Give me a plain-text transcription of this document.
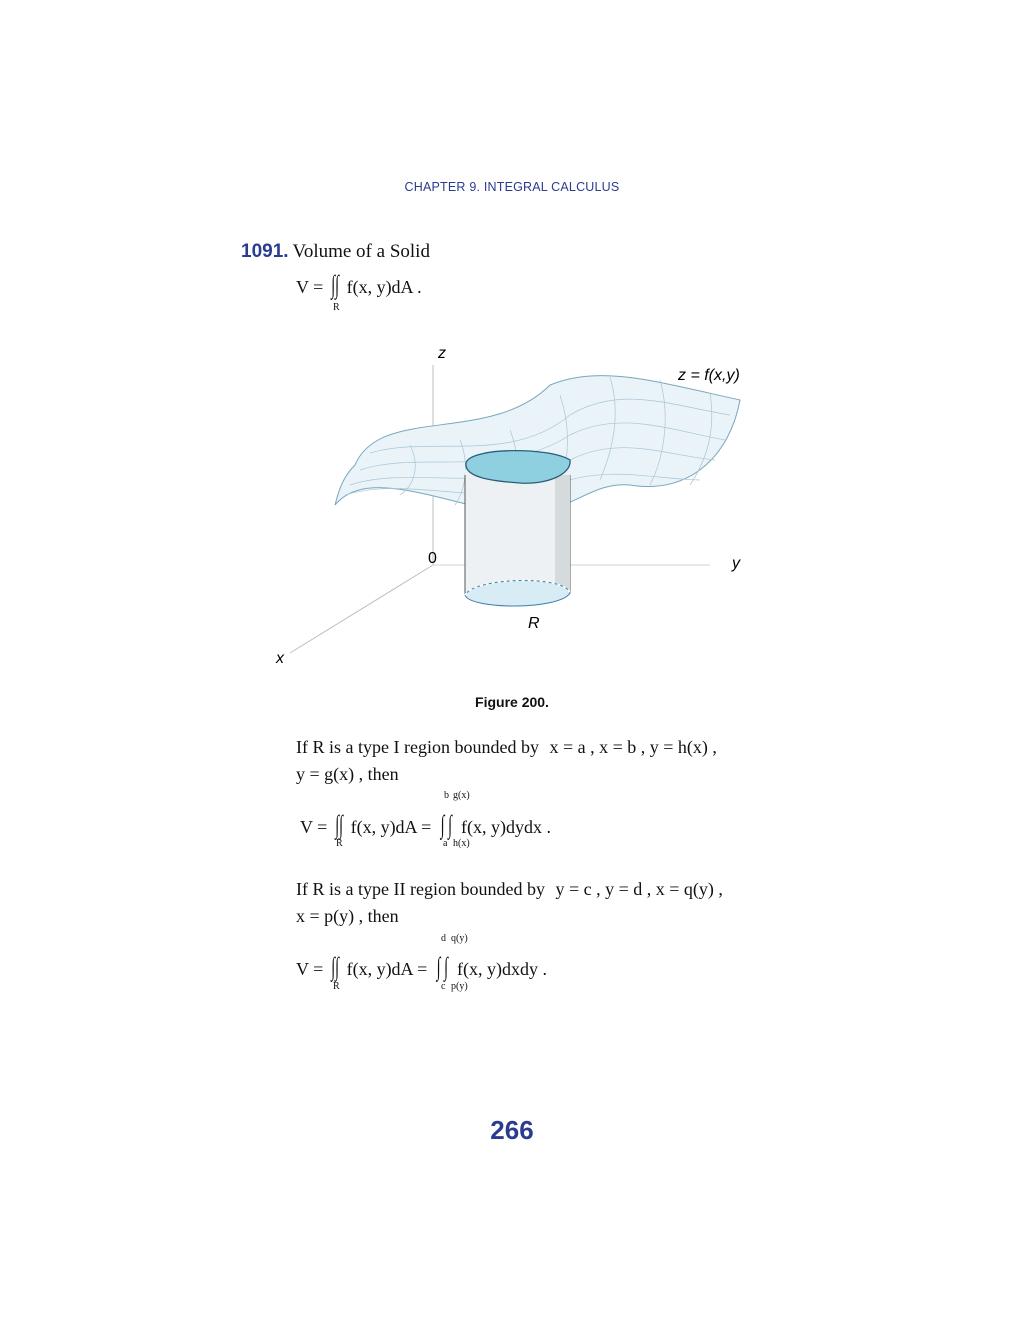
CHAPTER 9. INTEGRAL CALCULUS
1091. Volume of a Solid
V = ∫∫ f(x, y)dA .
R
z
z = f(x,y)
0	y
x
R
Figure 200.
If R is a type I region bounded by x = a , x = b , y = h(x) ,
y = g(x) , then
b g(x)
V = ∫∫ f(x, y)dA = ∫ ∫ f(x, y)dydx .
R	a h(x)
If R is a type II region bounded by y = c , y = d , x = q(y) ,
x = p(y) , then
d q(y)
V = ∫∫ f(x, y)dA = ∫ ∫ f(x, y)dxdy .
R	c p(y)
266
